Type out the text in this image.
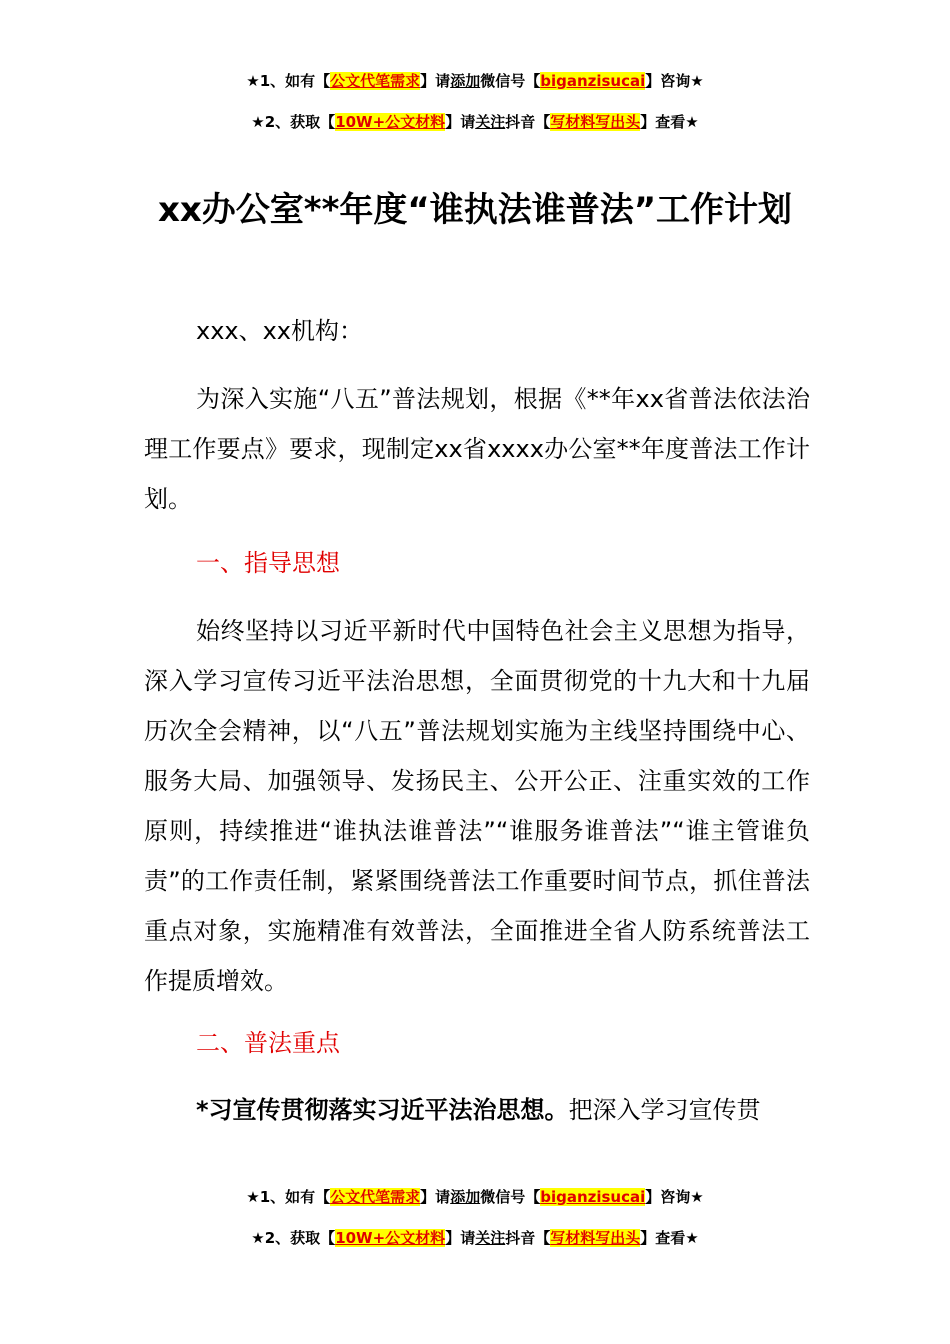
★1、如有【公文代笔需求】请添加微信号【biganzisucai】咨询★
★2、获取【10W+公文材料】请关注抖音【写材料写出头】查看★
xx办公室**年度“谁执法谁普法”工作计划
xxx、xx机构：
为深入实施“八五”普法规划，根据《**年xx省普法依法治理工作要点》要求，现制定xx省xxxx办公室**年度普法工作计划。
一、指导思想
始终坚持以习近平新时代中国特色社会主义思想为指导，深入学习宣传习近平法治思想，全面贯彻党的十九大和十九届历次全会精神，以“八五”普法规划实施为主线坚持围绕中心、服务大局、加强领导、发扬民主、公开公正、注重实效的工作原则，持续推进“谁执法谁普法”“谁服务谁普法”“谁主管谁负责”的工作责任制，紧紧围绕普法工作重要时间节点，抓住普法重点对象，实施精准有效普法，全面推进全省人防系统普法工作提质增效。
二、普法重点
*习宣传贯彻落实习近平法治思想。把深入学习宣传贯
★1、如有【公文代笔需求】请添加微信号【biganzisucai】咨询★
★2、获取【10W+公文材料】请关注抖音【写材料写出头】查看★
